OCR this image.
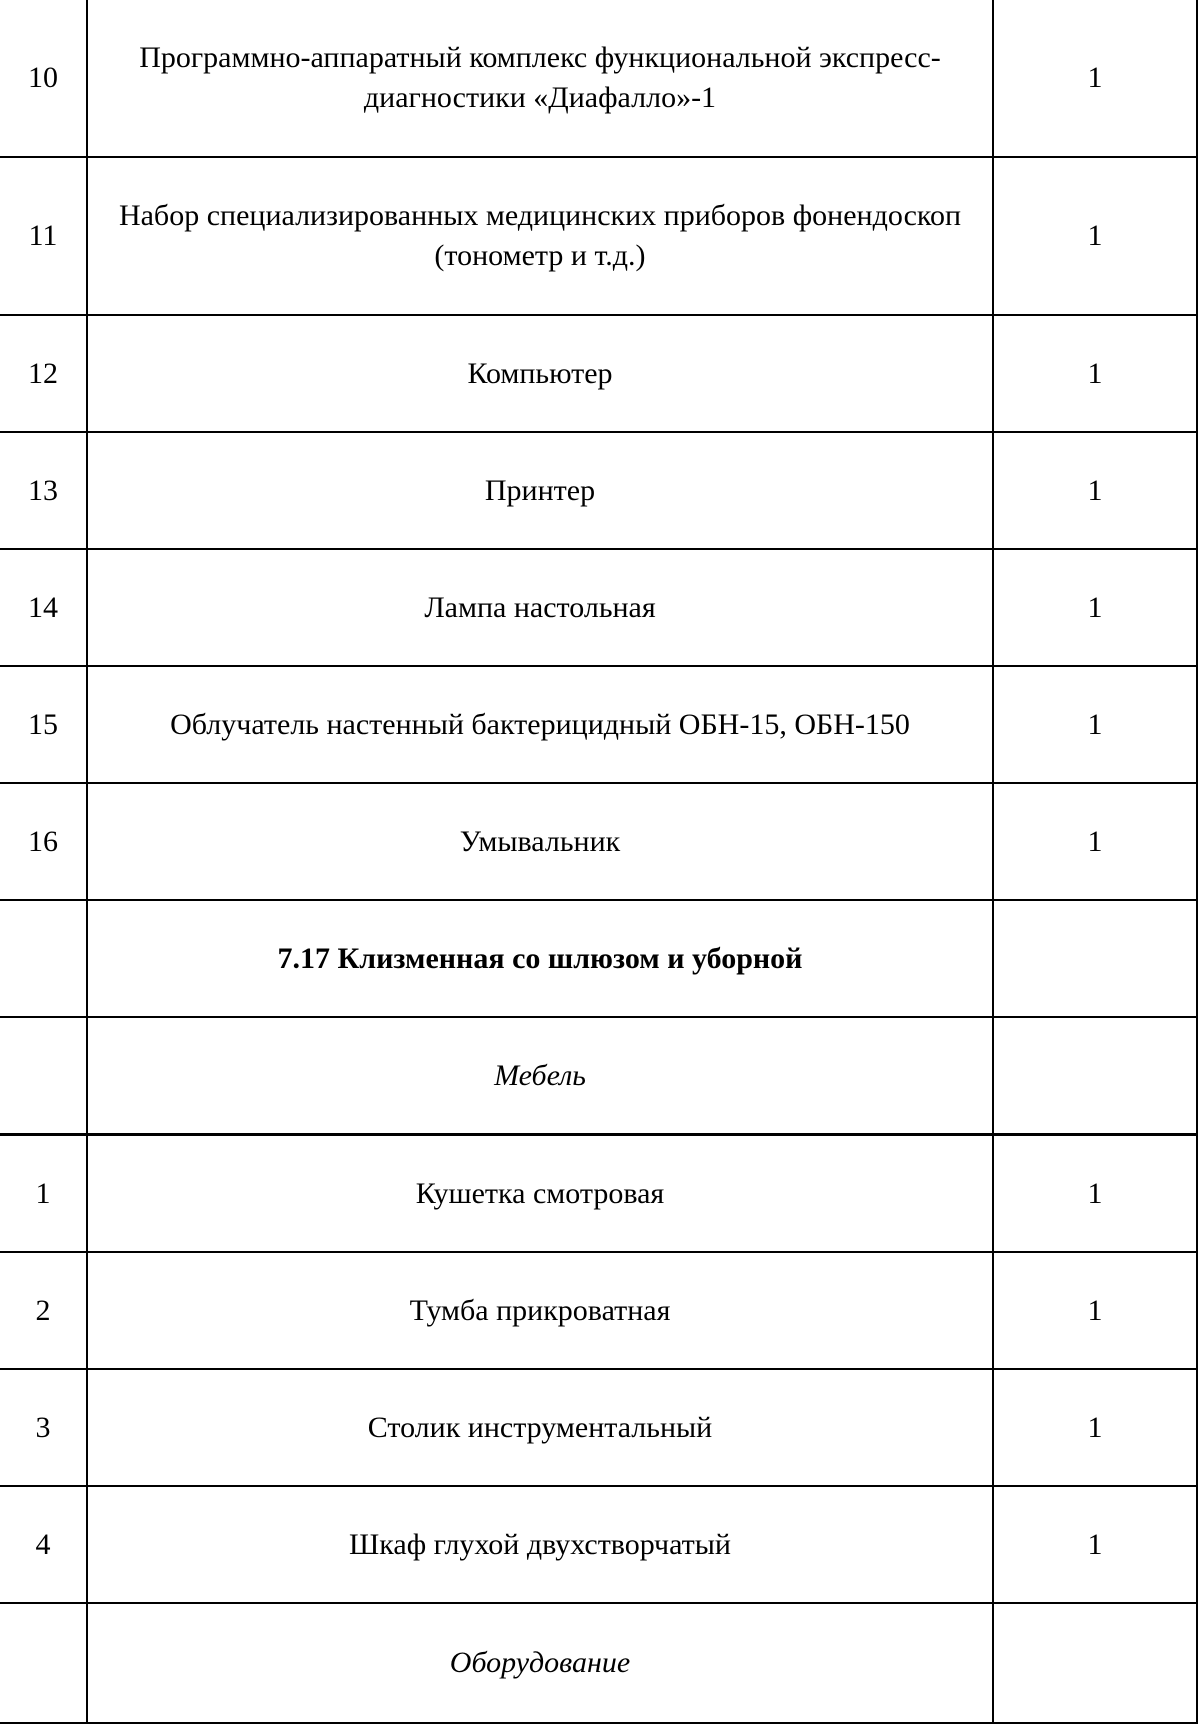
10	Программно-аппаратный комплекс функциональной экспресс-диагностики «Диафалло»-1	1
11	Набор специализированных медицинских приборов фонендоскоп (тонометр и т.д.)	1
12	Компьютер	1
13	Принтер	1
14	Лампа настольная	1
15	Облучатель настенный бактерицидный ОБН-15, ОБН-150	1
16	Умывальник	1
	7.17 Клизменная со шлюзом и уборной	
	Мебель	
1	Кушетка смотровая	1
2	Тумба прикроватная	1
3	Столик инструментальный	1
4	Шкаф глухой двухстворчатый	1
	Оборудование	
